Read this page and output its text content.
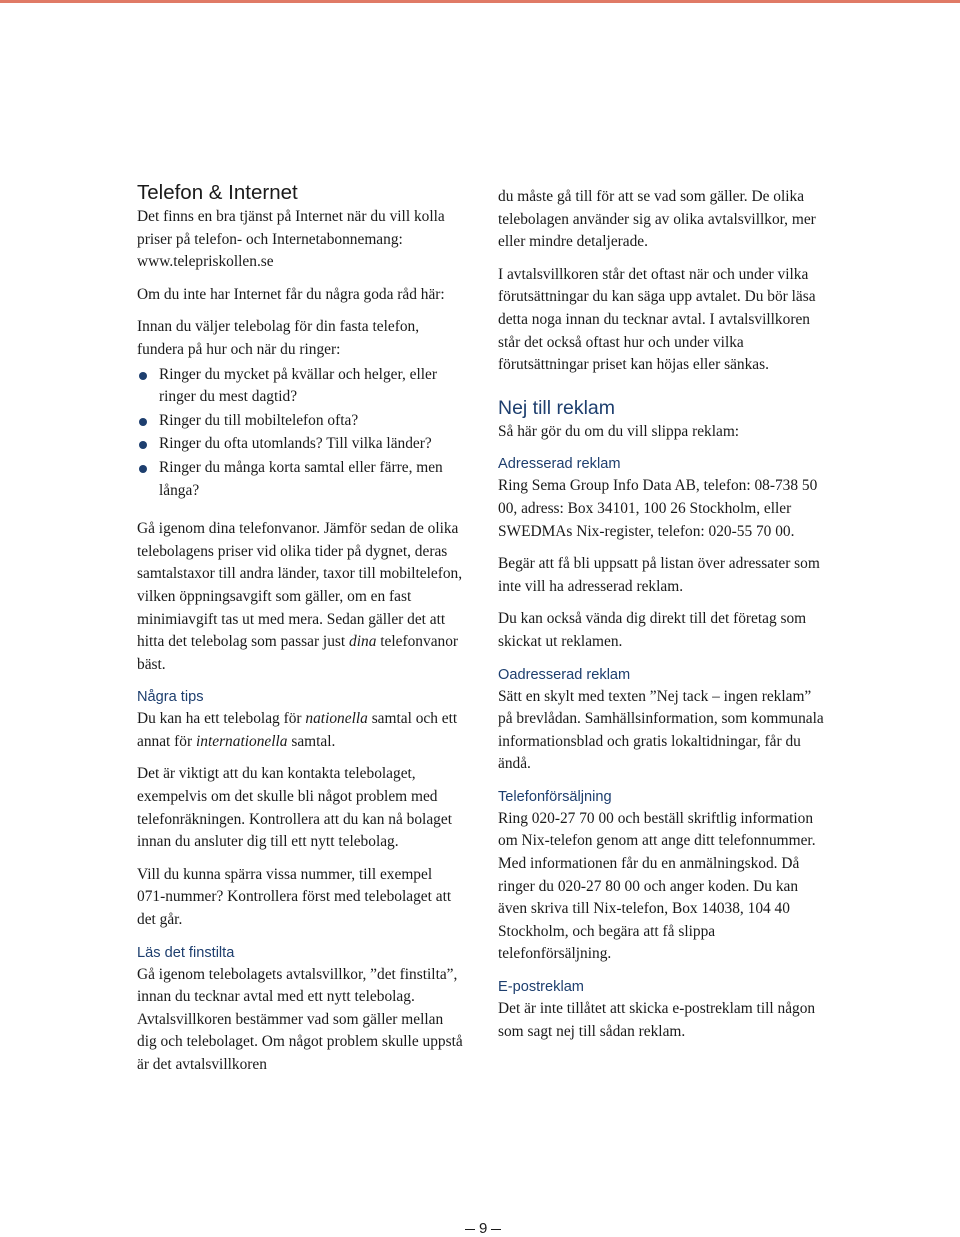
Telefon & Internet

Det finns en bra tjänst på Internet när du vill kolla priser på telefon- och Internetabonnemang: www.telepriskollen.se

Om du inte har Internet får du några goda råd här:

Innan du väljer telebolag för din fasta telefon, fundera på hur och när du ringer:

Ringer du mycket på kvällar och helger, eller ringer du mest dagtid?
Ringer du till mobiltelefon ofta?
Ringer du ofta utomlands? Till vilka länder?
Ringer du många korta samtal eller färre, men långa?

Gå igenom dina telefonvanor. Jämför sedan de olika telebolagens priser vid olika tider på dygnet, deras samtalstaxor till andra länder, taxor till mobiltelefon, vilken öppningsavgift som gäller, om en fast minimiavgift tas ut med mera. Sedan gäller det att hitta det telebolag som passar just dina telefonvanor bäst.

Några tips

Du kan ha ett telebolag för nationella samtal och ett annat för internationella samtal.

Det är viktigt att du kan kontakta telebolaget, exempelvis om det skulle bli något problem med telefonräkningen. Kontrollera att du kan nå bolaget innan du ansluter dig till ett nytt telebolag.

Vill du kunna spärra vissa nummer, till exempel 071-nummer? Kontrollera först med telebolaget att det går.

Läs det finstilta

Gå igenom telebolagets avtalsvillkor, ”det finstilta”, innan du tecknar avtal med ett nytt telebolag. Avtalsvillkoren bestämmer vad som gäller mellan dig och telebolaget. Om något problem skulle uppstå är det avtalsvillkoren

du måste gå till för att se vad som gäller. De olika telebolagen använder sig av olika avtalsvillkor, mer eller mindre detaljerade.

I avtalsvillkoren står det oftast när och under vilka förutsättningar du kan säga upp avtalet. Du bör läsa detta noga innan du tecknar avtal. I avtalsvillkoren står det också oftast hur och under vilka förutsättningar priset kan höjas eller sänkas.

Nej till reklam

Så här gör du om du vill slippa reklam:

Adresserad reklam

Ring Sema Group Info Data AB, telefon: 08-738 50 00, adress: Box 34101, 100 26 Stockholm, eller SWEDMAs Nix-register, telefon: 020-55 70 00.

Begär att få bli uppsatt på listan över adressater som inte vill ha adresserad reklam.

Du kan också vända dig direkt till det företag som skickat ut reklamen.

Oadresserad reklam

Sätt en skylt med texten ”Nej tack – ingen reklam” på brevlådan. Samhällsinformation, som kommunala informationsblad och gratis lokaltidningar, får du ändå.

Telefonförsäljning

Ring 020-27 70 00 och beställ skriftlig information om Nix-telefon genom att ange ditt telefonnummer. Med informationen får du en anmälningskod. Då ringer du 020-27 80 00 och anger koden. Du kan även skriva till Nix-telefon, Box 14038, 104 40 Stockholm, och begära att få slippa telefonförsäljning.

E-postreklam

Det är inte tillåtet att skicka e-postreklam till någon som sagt nej till sådan reklam.

9
